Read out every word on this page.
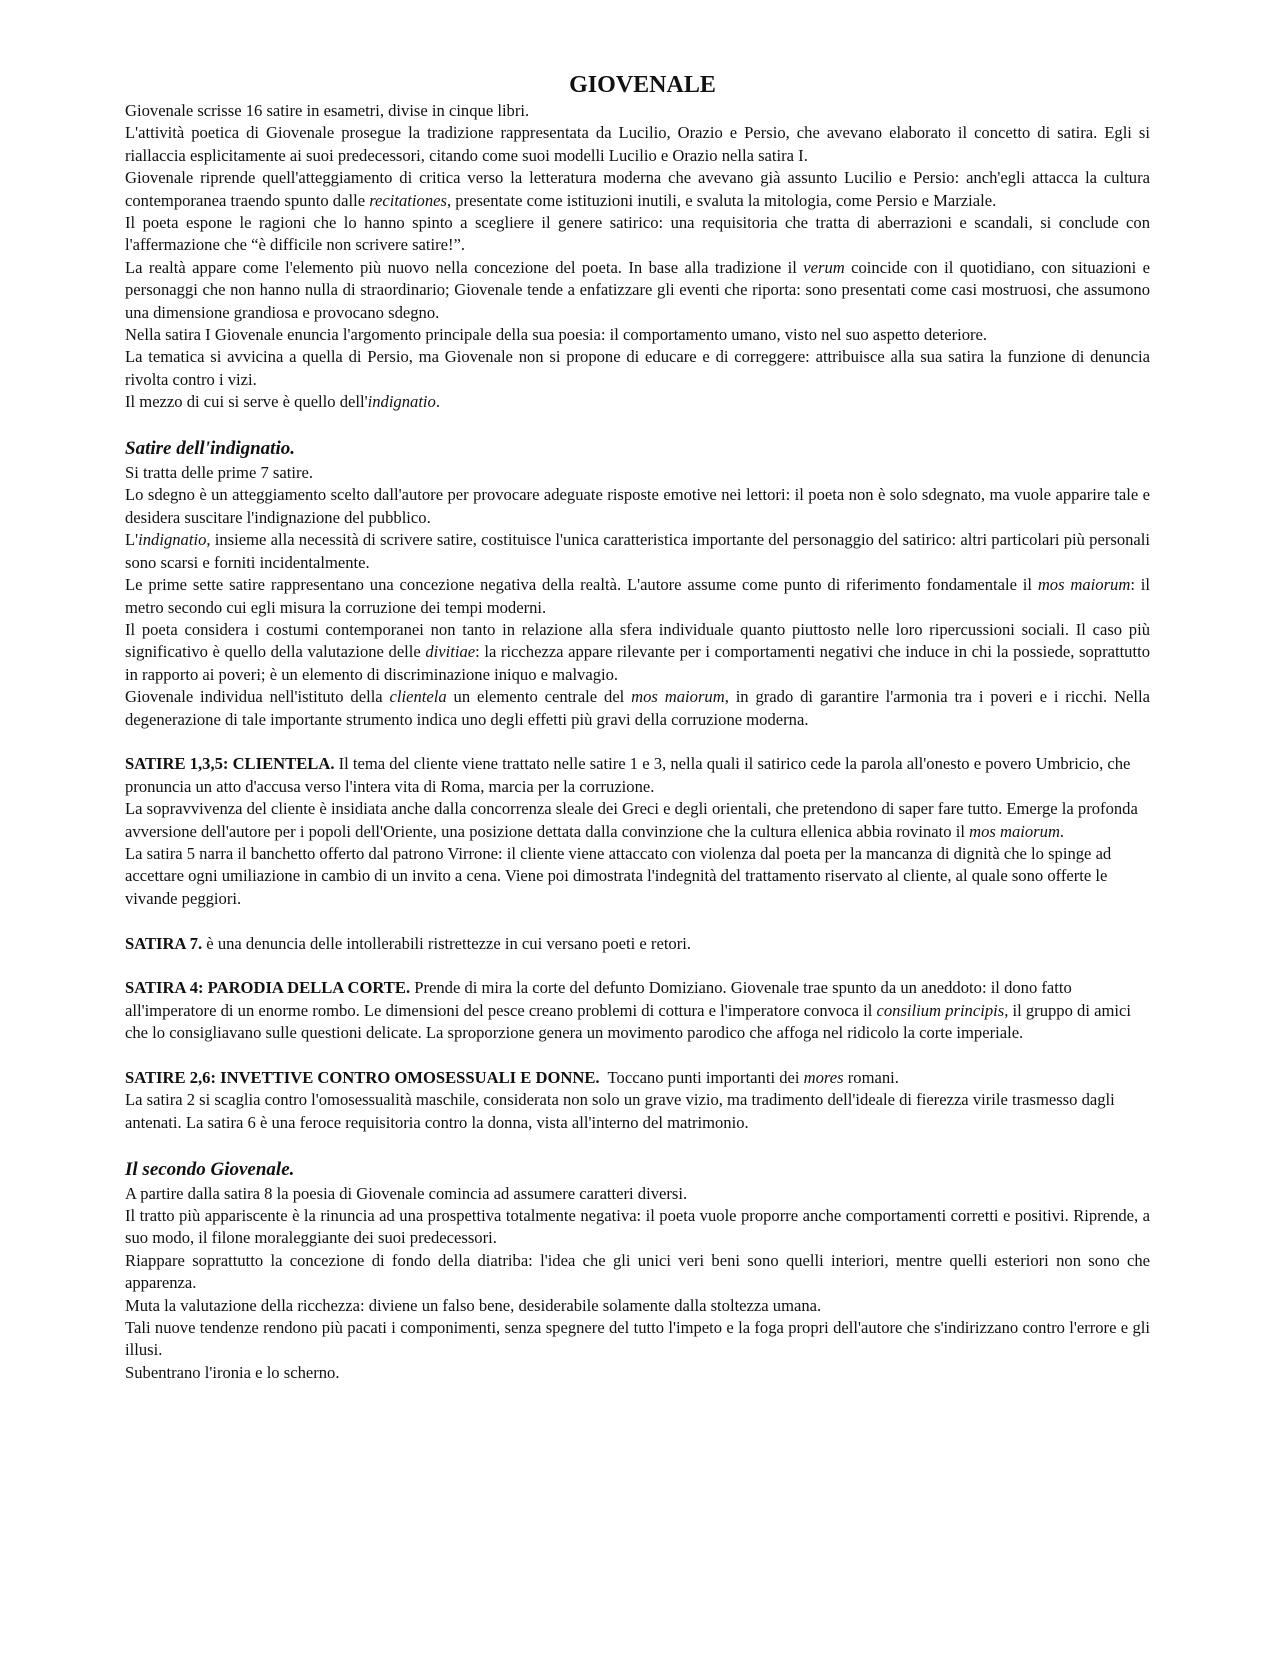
GIOVENALE

Giovenale scrisse 16 satire in esametri, divise in cinque libri.

L'attività poetica di Giovenale prosegue la tradizione rappresentata da Lucilio, Orazio e Persio, che avevano elaborato il concetto di satira. Egli si riallaccia esplicitamente ai suoi predecessori, citando come suoi modelli Lucilio e Orazio nella satira I.

Giovenale riprende quell'atteggiamento di critica verso la letteratura moderna che avevano già assunto Lucilio e Persio: anch'egli attacca la cultura contemporanea traendo spunto dalle recitationes, presentate come istituzioni inutili, e svaluta la mitologia, come Persio e Marziale.

Il poeta espone le ragioni che lo hanno spinto a scegliere il genere satirico: una requisitoria che tratta di aberrazioni e scandali, si conclude con l'affermazione che “è difficile non scrivere satire!”.

La realtà appare come l'elemento più nuovo nella concezione del poeta. In base alla tradizione il verum coincide con il quotidiano, con situazioni e personaggi che non hanno nulla di straordinario; Giovenale tende a enfatizzare gli eventi che riporta: sono presentati come casi mostruosi, che assumono una dimensione grandiosa e provocano sdegno.

Nella satira I Giovenale enuncia l'argomento principale della sua poesia: il comportamento umano, visto nel suo aspetto deteriore.

La tematica si avvicina a quella di Persio, ma Giovenale non si propone di educare e di correggere: attribuisce alla sua satira la funzione di denuncia rivolta contro i vizi.

Il mezzo di cui si serve è quello dell'indignatio.

Satire dell'indignatio.

Si tratta delle prime 7 satire.

Lo sdegno è un atteggiamento scelto dall'autore per provocare adeguate risposte emotive nei lettori: il poeta non è solo sdegnato, ma vuole apparire tale e desidera suscitare l'indignazione del pubblico.

L'indignatio, insieme alla necessità di scrivere satire, costituisce l'unica caratteristica importante del personaggio del satirico: altri particolari più personali sono scarsi e forniti incidentalmente.

Le prime sette satire rappresentano una concezione negativa della realtà. L'autore assume come punto di riferimento fondamentale il mos maiorum: il metro secondo cui egli misura la corruzione dei tempi moderni.

Il poeta considera i costumi contemporanei non tanto in relazione alla sfera individuale quanto piuttosto nelle loro ripercussioni sociali. Il caso più significativo è quello della valutazione delle divitiae: la ricchezza appare rilevante per i comportamenti negativi che induce in chi la possiede, soprattutto in rapporto ai poveri; è un elemento di discriminazione iniquo e malvagio.

Giovenale individua nell'istituto della clientela un elemento centrale del mos maiorum, in grado di garantire l'armonia tra i poveri e i ricchi. Nella degenerazione di tale importante strumento indica uno degli effetti più gravi della corruzione moderna.

SATIRE 1,3,5: CLIENTELA. Il tema del cliente viene trattato nelle satire 1 e 3, nella quali il satirico cede la parola all'onesto e povero Umbricio, che pronuncia un atto d'accusa verso l'intera vita di Roma, marcia per la corruzione.

La sopravvivenza del cliente è insidiata anche dalla concorrenza sleale dei Greci e degli orientali, che pretendono di saper fare tutto. Emerge la profonda avversione dell'autore per i popoli dell'Oriente, una posizione dettata dalla convinzione che la cultura ellenica abbia rovinato il mos maiorum.

La satira 5 narra il banchetto offerto dal patrono Virrone: il cliente viene attaccato con violenza dal poeta per la mancanza di dignità che lo spinge ad accettare ogni umiliazione in cambio di un invito a cena. Viene poi dimostrata l'indegnità del trattamento riservato al cliente, al quale sono offerte le vivande peggiori.

SATIRA 7. è una denuncia delle intollerabili ristrettezze in cui versano poeti e retori.

SATIRA 4: PARODIA DELLA CORTE. Prende di mira la corte del defunto Domiziano. Giovenale trae spunto da un aneddoto: il dono fatto all'imperatore di un enorme rombo. Le dimensioni del pesce creano problemi di cottura e l'imperatore convoca il consilium principis, il gruppo di amici che lo consigliavano sulle questioni delicate. La sproporzione genera un movimento parodico che affoga nel ridicolo la corte imperiale.

SATIRE 2,6: INVETTIVE CONTRO OMOSESSUALI E DONNE.  Toccano punti importanti dei mores romani.

La satira 2 si scaglia contro l'omosessualità maschile, considerata non solo un grave vizio, ma tradimento dell'ideale di fierezza virile trasmesso dagli antenati. La satira 6 è una feroce requisitoria contro la donna, vista all'interno del matrimonio.

Il secondo Giovenale.

A partire dalla satira 8 la poesia di Giovenale comincia ad assumere caratteri diversi.

Il tratto più appariscente è la rinuncia ad una prospettiva totalmente negativa: il poeta vuole proporre anche comportamenti corretti e positivi. Riprende, a suo modo, il filone moraleggiante dei suoi predecessori.

Riappare soprattutto la concezione di fondo della diatriba: l'idea che gli unici veri beni sono quelli interiori, mentre quelli esteriori non sono che apparenza.

Muta la valutazione della ricchezza: diviene un falso bene, desiderabile solamente dalla stoltezza umana.

Tali nuove tendenze rendono più pacati i componimenti, senza spegnere del tutto l'impeto e la foga propri dell'autore che s'indirizzano contro l'errore e gli illusi.

Subentrano l'ironia e lo scherno.
